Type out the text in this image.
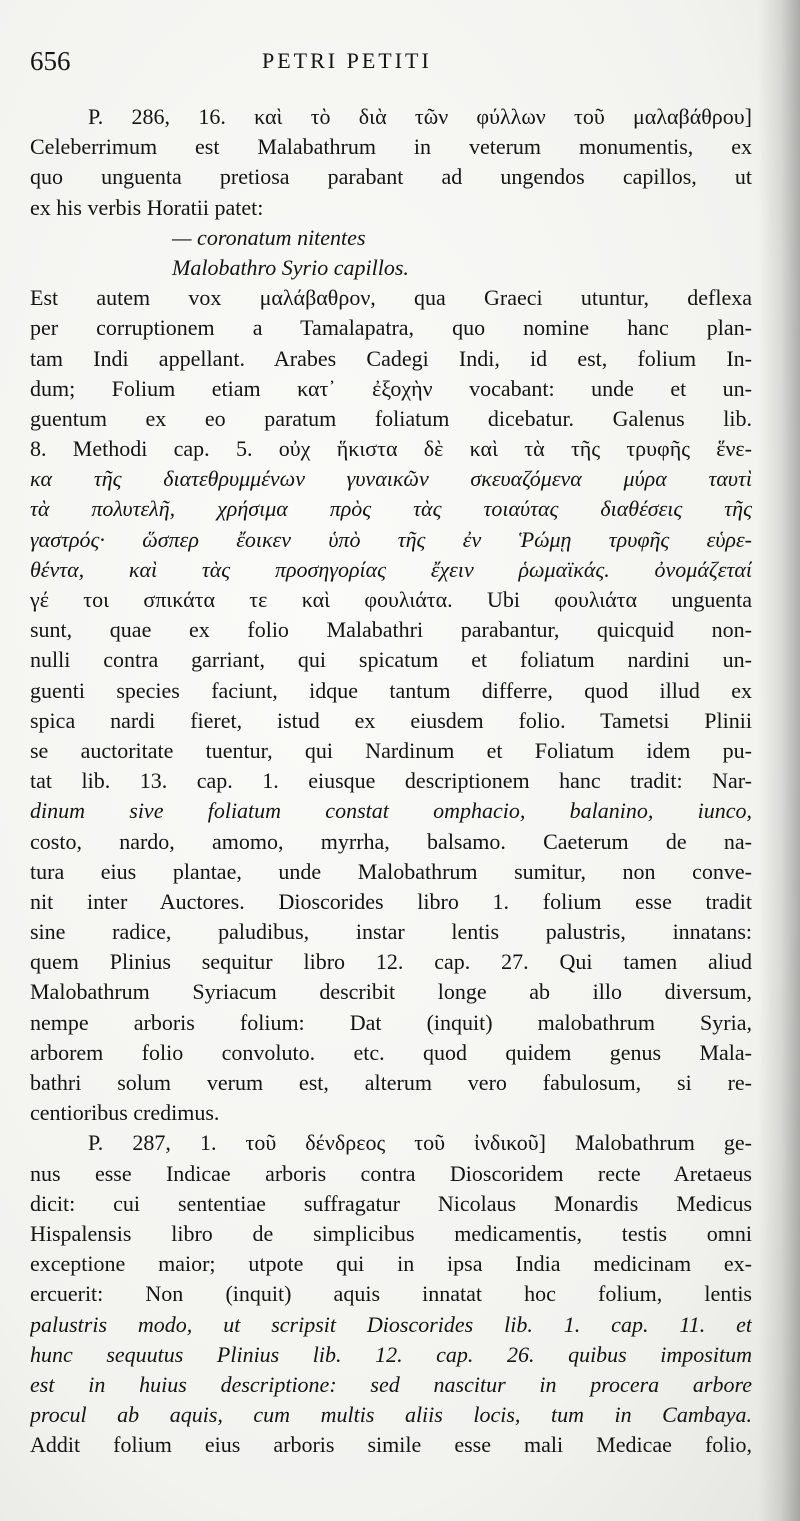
656	PETRI PETITI
P. 286, 16. καὶ τὸ διὰ τῶν φύλλων τοῦ μαλαβάθρου]
Celeberrimum est Malabathrum in veterum monumentis, ex
quo unguenta pretiosa parabant ad ungendos capillos, ut
ex his verbis Horatii patet:
— coronatum nitentes
Malobathro Syrio capillos.
Est autem vox μαλάβαθρον, qua Graeci utuntur, deflexa
per corruptionem a Tamalapatra, quo nomine hanc plan-
tam Indi appellant. Arabes Cadegi Indi, id est, folium In-
dum; Folium etiam κατ᾽ ἐξοχὴν vocabant: unde et un-
guentum ex eo paratum foliatum dicebatur. Galenus lib.
8. Methodi cap. 5. οὐχ ἥκιστα δὲ καὶ τὰ τῆς τρυφῆς ἕνε-
κα τῆς διατεθρυμμένων γυναικῶν σκευαζόμενα μύρα ταυτὶ
τὰ πολυτελῆ, χρήσιμα πρὸς τὰς τοιαύτας διαθέσεις τῆς
γαστρός· ὥσπερ ἔοικεν ὑπὸ τῆς ἐν Ῥώμῃ τρυφῆς εὑρε-
θέντα, καὶ τὰς προσηγορίας ἔχειν ῥωμαϊκάς. ὀνομάζεταί
γέ τοι σπικάτα τε καὶ φουλιάτα. Ubi φουλιάτα unguenta
sunt, quae ex folio Malabathri parabantur, quicquid non-
nulli contra garriant, qui spicatum et foliatum nardini un-
guenti species faciunt, idque tantum differre, quod illud ex
spica nardi fieret, istud ex eiusdem folio. Tametsi Plinii
se auctoritate tuentur, qui Nardinum et Foliatum idem pu-
tat lib. 13. cap. 1. eiusque descriptionem hanc tradit: Nar-
dinum sive foliatum constat omphacio, balanino, iunco,
costo, nardo, amomo, myrrha, balsamo. Caeterum de na-
tura eius plantae, unde Malobathrum sumitur, non conve-
nit inter Auctores. Dioscorides libro 1. folium esse tradit
sine radice, paludibus, instar lentis palustris, innatans:
quem Plinius sequitur libro 12. cap. 27. Qui tamen aliud
Malobathrum Syriacum describit longe ab illo diversum,
nempe arboris folium: Dat (inquit) malobathrum Syria,
arborem folio convoluto. etc. quod quidem genus Mala-
bathri solum verum est, alterum vero fabulosum, si re-
centioribus credimus.
P. 287, 1. τοῦ δένδρεος τοῦ ἰνδικοῦ] Malobathrum ge-
nus esse Indicae arboris contra Dioscoridem recte Aretaeus
dicit: cui sententiae suffragatur Nicolaus Monardis Medicus
Hispalensis libro de simplicibus medicamentis, testis omni
exceptione maior; utpote qui in ipsa India medicinam ex-
ercuerit: Non (inquit) aquis innatat hoc folium, lentis
palustris modo, ut scripsit Dioscorides lib. 1. cap. 11. et
hunc sequutus Plinius lib. 12. cap. 26. quibus impositum
est in huius descriptione: sed nascitur in procera arbore
procul ab aquis, cum multis aliis locis, tum in Cambaya.
Addit folium eius arboris simile esse mali Medicae folio,
